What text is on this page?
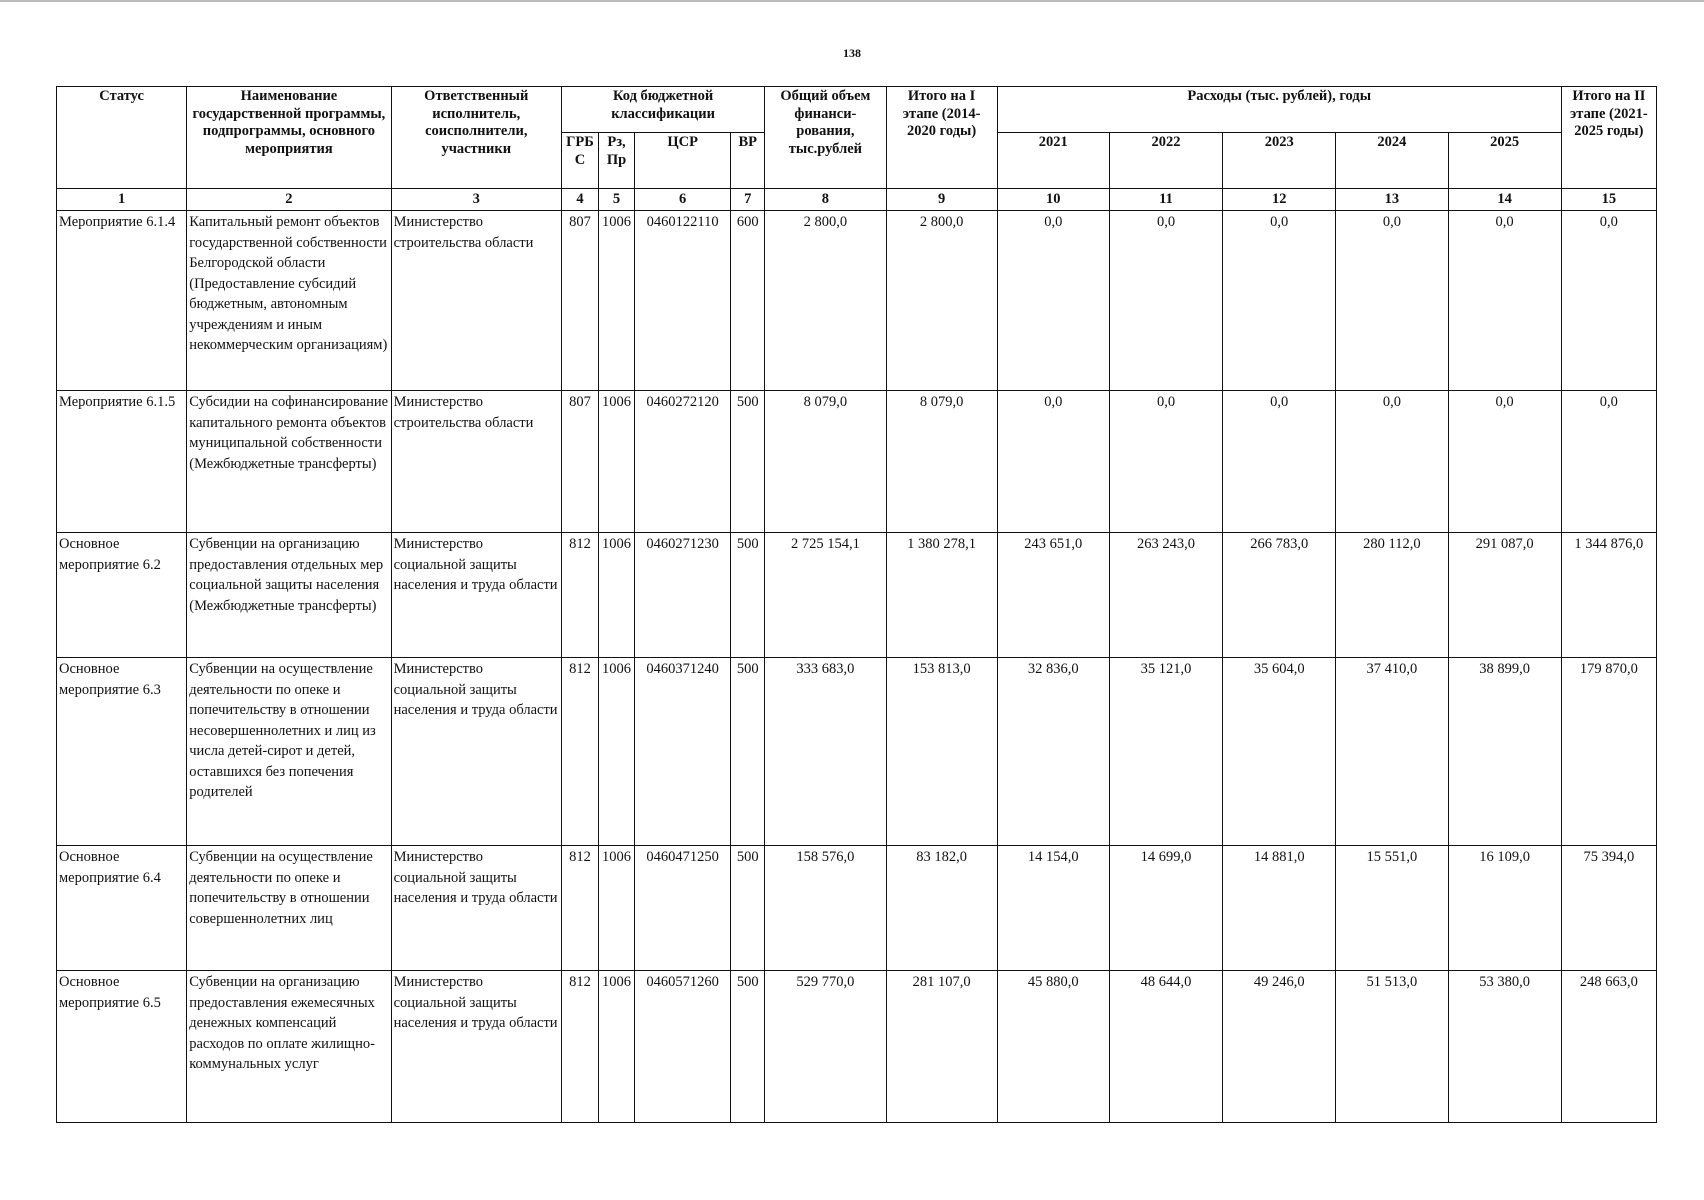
138
Статус	Наименование государственной программы, подпрограммы, основного мероприятия	Ответственный исполнитель, соисполнители, участники	Код бюджетной классификации				Общий объем финанси- рования, тыс.рублей	Итого на I этапе (2014-2020 годы)	Расходы (тыс. рублей), годы					Итого на II этапе (2021-2025 годы)
			ГРБ С	Рз, Пр	ЦСР	ВР			2021	2022	2023	2024	2025	
1	2	3	4	5	6	7	8	9	10	11	12	13	14	15
Мероприятие 6.1.4	Капитальный ремонт объектов государственной собственности Белгородской области (Предоставление субсидий бюджетным, автономным учреждениям и иным некоммерческим организациям)	Министерство строительства области	807	1006	0460122110	600	2 800,0	2 800,0	0,0	0,0	0,0	0,0	0,0	0,0
Мероприятие 6.1.5	Субсидии на софинансирование капитального ремонта объектов муниципальной собственности (Межбюджетные трансферты)	Министерство строительства области	807	1006	0460272120	500	8 079,0	8 079,0	0,0	0,0	0,0	0,0	0,0	0,0
Основное мероприятие 6.2	Субвенции на организацию предоставления отдельных мер социальной защиты населения (Межбюджетные трансферты)	Министерство социальной защиты населения и труда области	812	1006	0460271230	500	2 725 154,1	1 380 278,1	243 651,0	263 243,0	266 783,0	280 112,0	291 087,0	1 344 876,0
Основное мероприятие 6.3	Субвенции на осуществление деятельности по опеке и попечительству в отношении несовершеннолетних и лиц из числа детей-сирот и детей, оставшихся без попечения родителей	Министерство социальной защиты населения и труда области	812	1006	0460371240	500	333 683,0	153 813,0	32 836,0	35 121,0	35 604,0	37 410,0	38 899,0	179 870,0
Основное мероприятие 6.4	Субвенции на осуществление деятельности по опеке и попечительству в отношении совершеннолетних лиц	Министерство социальной защиты населения и труда области	812	1006	0460471250	500	158 576,0	83 182,0	14 154,0	14 699,0	14 881,0	15 551,0	16 109,0	75 394,0
Основное мероприятие 6.5	Субвенции на организацию предоставления ежемесячных денежных компенсаций расходов по оплате жилищно-коммунальных услуг	Министерство социальной защиты населения и труда области	812	1006	0460571260	500	529 770,0	281 107,0	45 880,0	48 644,0	49 246,0	51 513,0	53 380,0	248 663,0
